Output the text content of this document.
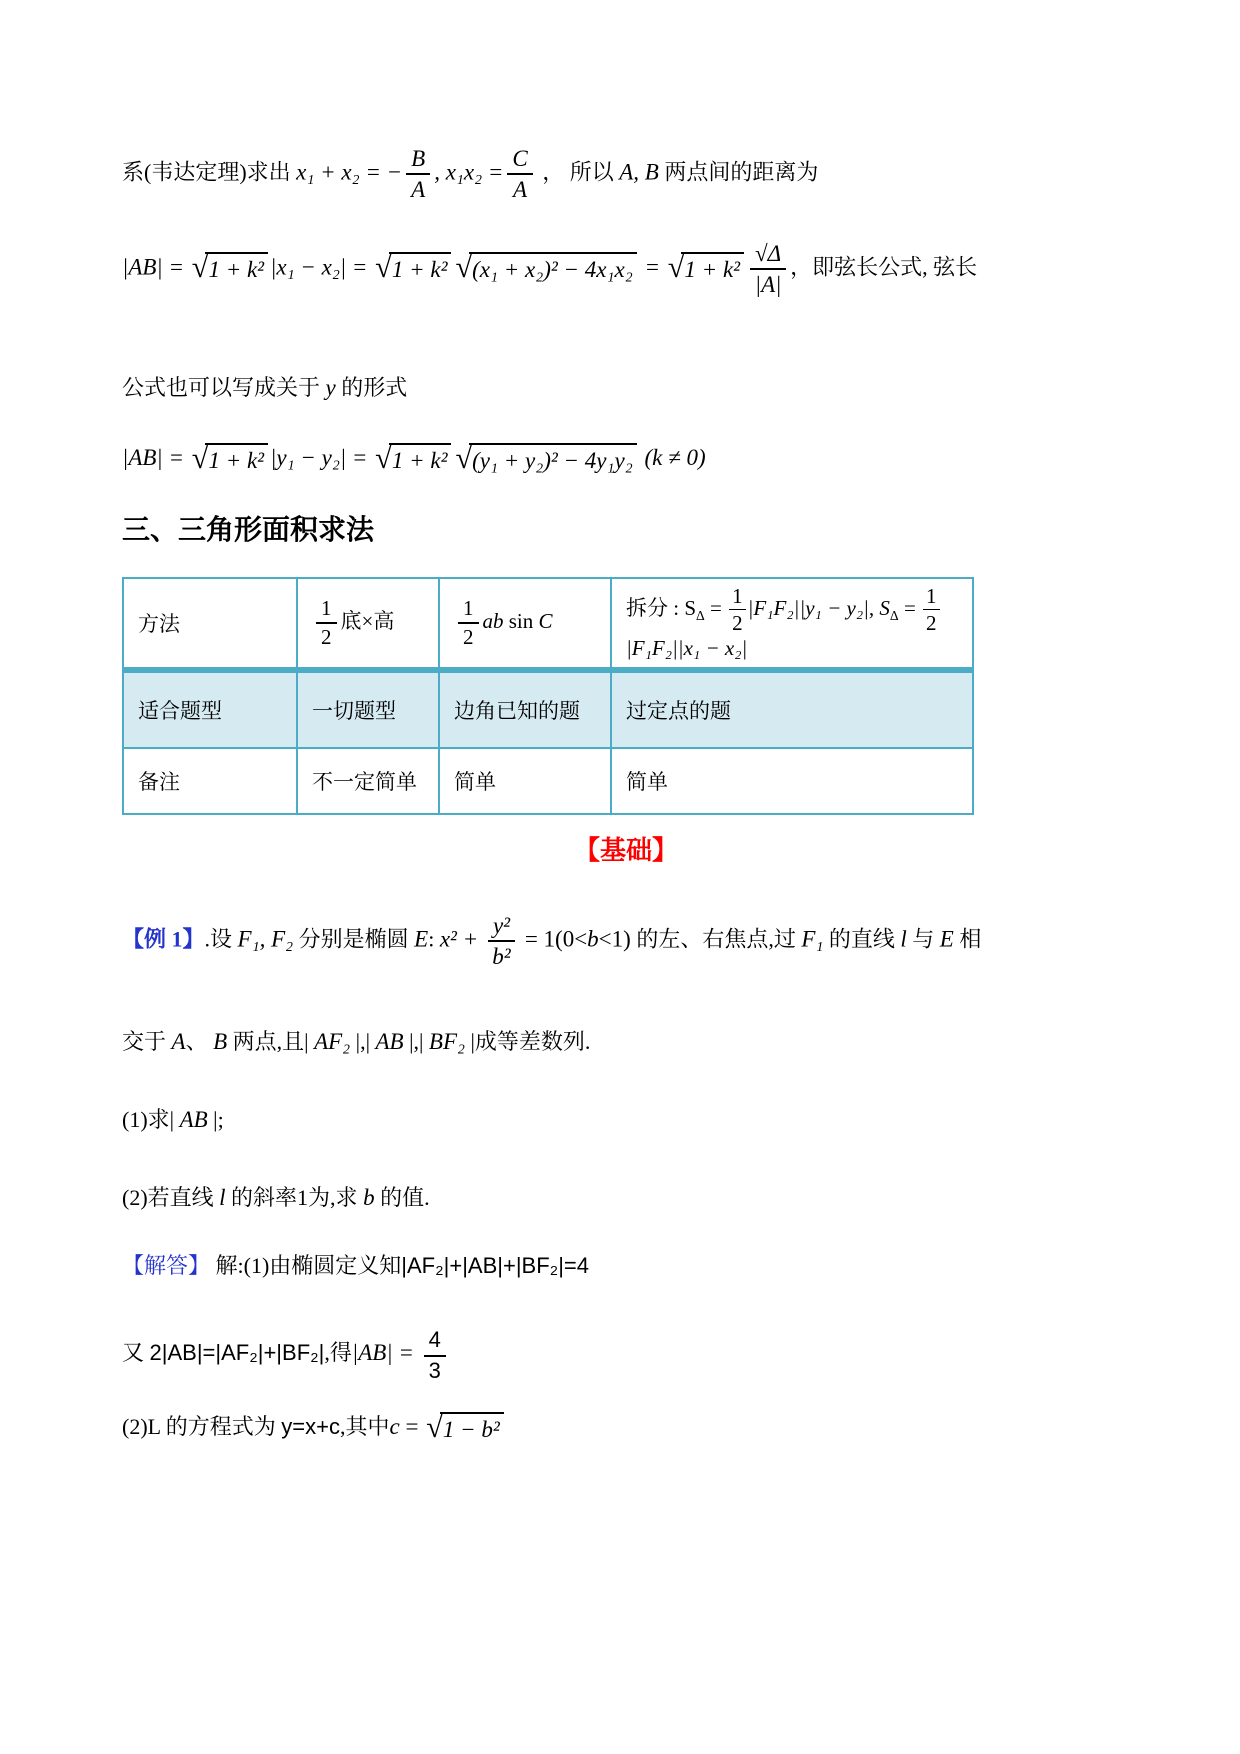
系(韦达定理)求出 x₁ + x₂ = − $\frac{B}{A}$ , $x_1x_2 = \frac{C}{A}$ ， 所以 A, B 两点间的距离为
|AB| = √1 + k² |x₁ − x₂| = √1 + k² $√(x_1 + x_2)^2 - 4x_1x_2 = √1 + k^2 \frac{√\Delta}{|A|}$ ，即弦长公式, 弦长
公式也可以写成关于 y 的形式
|AB| = √1 + k² |y₁ − y₂| = √1 + k² √(y₁ + y₂)² − 4y₁y₂ (k ≠ 0)
三、三角形面积求法
方法	$\frac{1}{2}$ 底×高	$\frac{1}{2}$ ab sin C	拆分 : $S_\Delta = \frac{1}{2} |F_1F_2||y_1 - y_2|$, $S_\Delta = \frac{1}{2}$
|F₁F₂||x₁ − x₂|
适合题型	一切题型	边角已知的题	过定点的题
备注	不一定简单	简单	简单
【基础】
【例 1】.设 F₁, F₂ 分别是椭圆 E: $x^2 + \frac{\text{y²}}{\text{b²}} = 1(0<b<1)$ 的左、右焦点,过 F₁ 的直线 l 与 E 相
交于 A、 B 两点,且| AF₂ |,| AB |,| BF₂ |成等差数列.
(1)求| AB |;
(2)若直线 l 的斜率1为,求 b 的值.
【解答】 解:(1)由椭圆定义知|AF₂|+|AB|+|BF₂|=4
又 2|AB|=|AF₂|+|BF₂|,得$|AB| = \frac{4}{3}$
(2)L 的方程式为 y=x+c,其中c = √1 − b²
